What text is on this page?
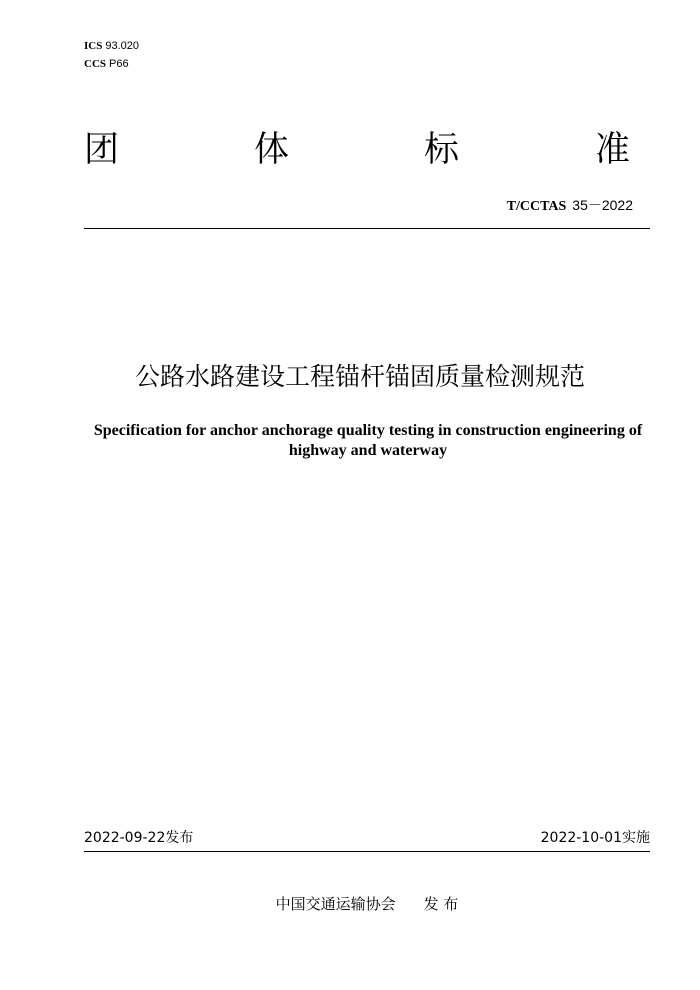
ICS 93.020
CCS P66
团	体	标	准
T/CCTAS 35－2022
公路水路建设工程锚杆锚固质量检测规范
Specification for anchor anchorage quality testing in construction engineering of highway and waterway
2022-09-22发布	2022-10-01实施
中国交通运输协会 发 布
